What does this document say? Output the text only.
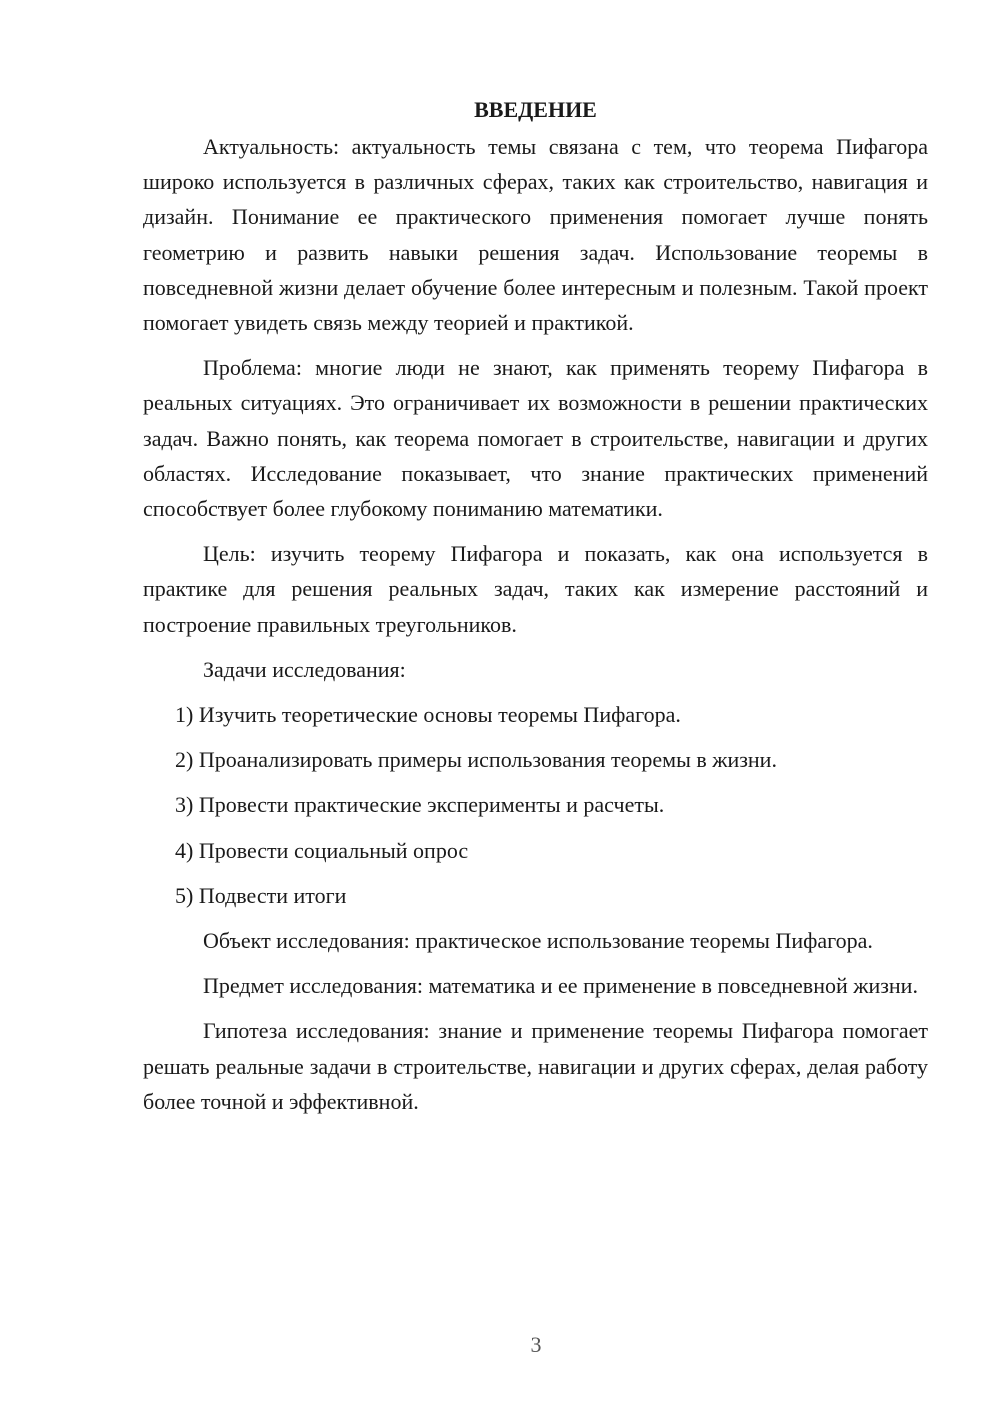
ВВЕДЕНИЕ

Актуальность: актуальность темы связана с тем, что теорема Пифагора широко используется в различных сферах, таких как строительство, навигация и дизайн. Понимание ее практического применения помогает лучше понять геометрию и развить навыки решения задач. Использование теоремы в повседневной жизни делает обучение более интересным и полезным. Такой проект помогает увидеть связь между теорией и практикой.

Проблема: многие люди не знают, как применять теорему Пифагора в реальных ситуациях. Это ограничивает их возможности в решении практических задач. Важно понять, как теорема помогает в строительстве, навигации и других областях. Исследование показывает, что знание практических применений способствует более глубокому пониманию математики.

Цель: изучить теорему Пифагора и показать, как она используется в практике для решения реальных задач, таких как измерение расстояний и построение правильных треугольников.

Задачи исследования:

1) Изучить теоретические основы теоремы Пифагора.
2) Проанализировать примеры использования теоремы в жизни.
3) Провести практические эксперименты и расчеты.
4) Провести социальный опрос
5) Подвести итоги

Объект исследования: практическое использование теоремы Пифагора.

Предмет исследования: математика и ее применение в повседневной жизни.

Гипотеза исследования: знание и применение теоремы Пифагора помогает решать реальные задачи в строительстве, навигации и других сферах, делая работу более точной и эффективной.

3
